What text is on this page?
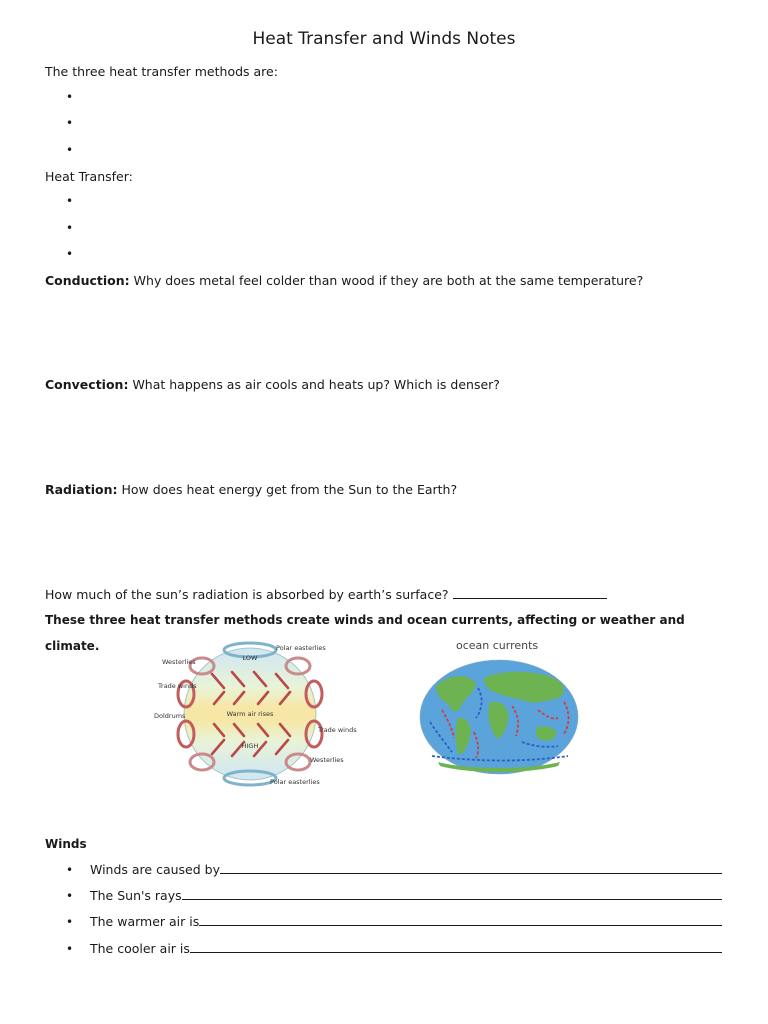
Heat Transfer and Winds Notes
The three heat transfer methods are:
•
•
•
Heat Transfer:
•
•
•
Conduction: Why does metal feel colder than wood if they are both at the same temperature?
Convection: What happens as air cools and heats up? Which is denser?
Radiation: How does heat energy get from the Sun to the Earth?
How much of the sun’s radiation is absorbed by earth’s surface?
These three heat transfer methods create winds and ocean currents, affecting or weather and
climate.
LOW
Warm air rises
HIGH
Polar easterlies
Westerlies
Trade winds
Doldrums
Trade winds
Westerlies
Polar easterlies
ocean currents
Winds
•	Winds are caused by
•	The Sun's rays
•	The warmer air is
•	The cooler air is
